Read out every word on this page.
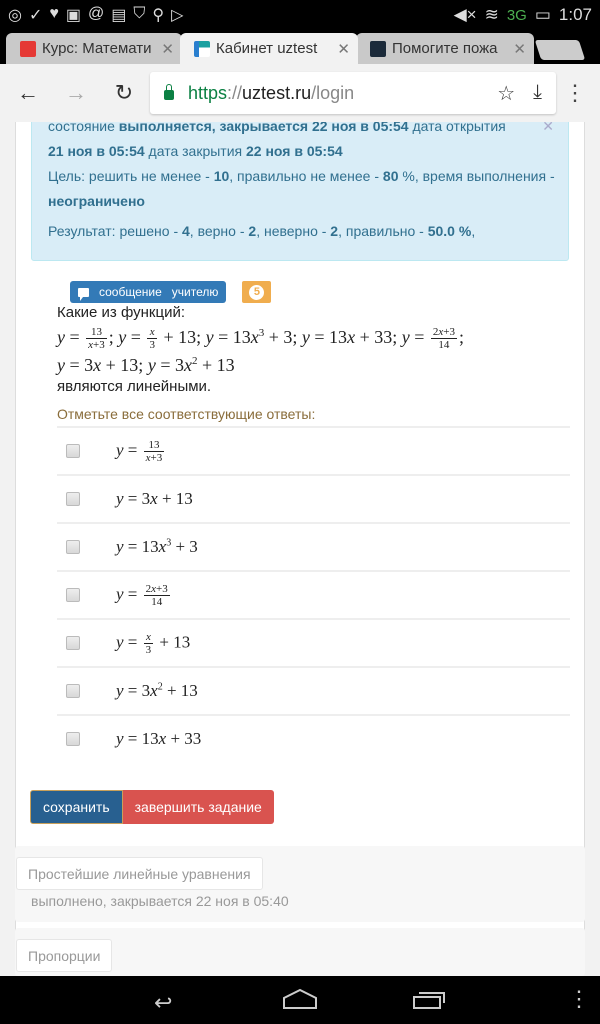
◎ ✓ ♥ ▣ @ ▤ ⛉ ⚲ ▷	◀× ≋ 3G ▭ 1:07
Курс: Математи ✕	Кабинет uztest	✕	Помогите пожа	✕
←	→	↻	https :// uztest.ru /login	☆ ⤓ ⋮
✕
состояние выполняется, закрывается 22 ноя в 05:54 дата открытия
21 ноя в 05:54 дата закрытия 22 ноя в 05:54
Цель: решить не менее - 10, правильно не менее - 80 %, время выполнения -
неограничено
Результат: решено - 4, верно - 2, неверно - 2, правильно - 50.0 %,
сообщение   учителю	5
Какие из функций:
$y = \frac{13}{x+3}$ ; $y = \frac{x}{3} + 13$; $y = 13x^3 + 3$; y = 13x + 33; $y = \frac{2x+3}{14}$ ;
y = 3x + 13; $y = 3x^2 + 13$
являются линейными.
Отметьте все соответствующие ответы:
$y = \frac{13}{x+3}$
y = 3x + 13
$y = 13x^3 + 3$
$y = \frac{2x+3}{14}$
$y = \frac{x}{3} + 13$
$y = 3x^2 + 13$
y = 13x + 33
сохранить	завершить задание
Простейшие линейные уравнения
выполнено, закрывается 22 ноя в 05:40
Пропорции
↩	⋮
